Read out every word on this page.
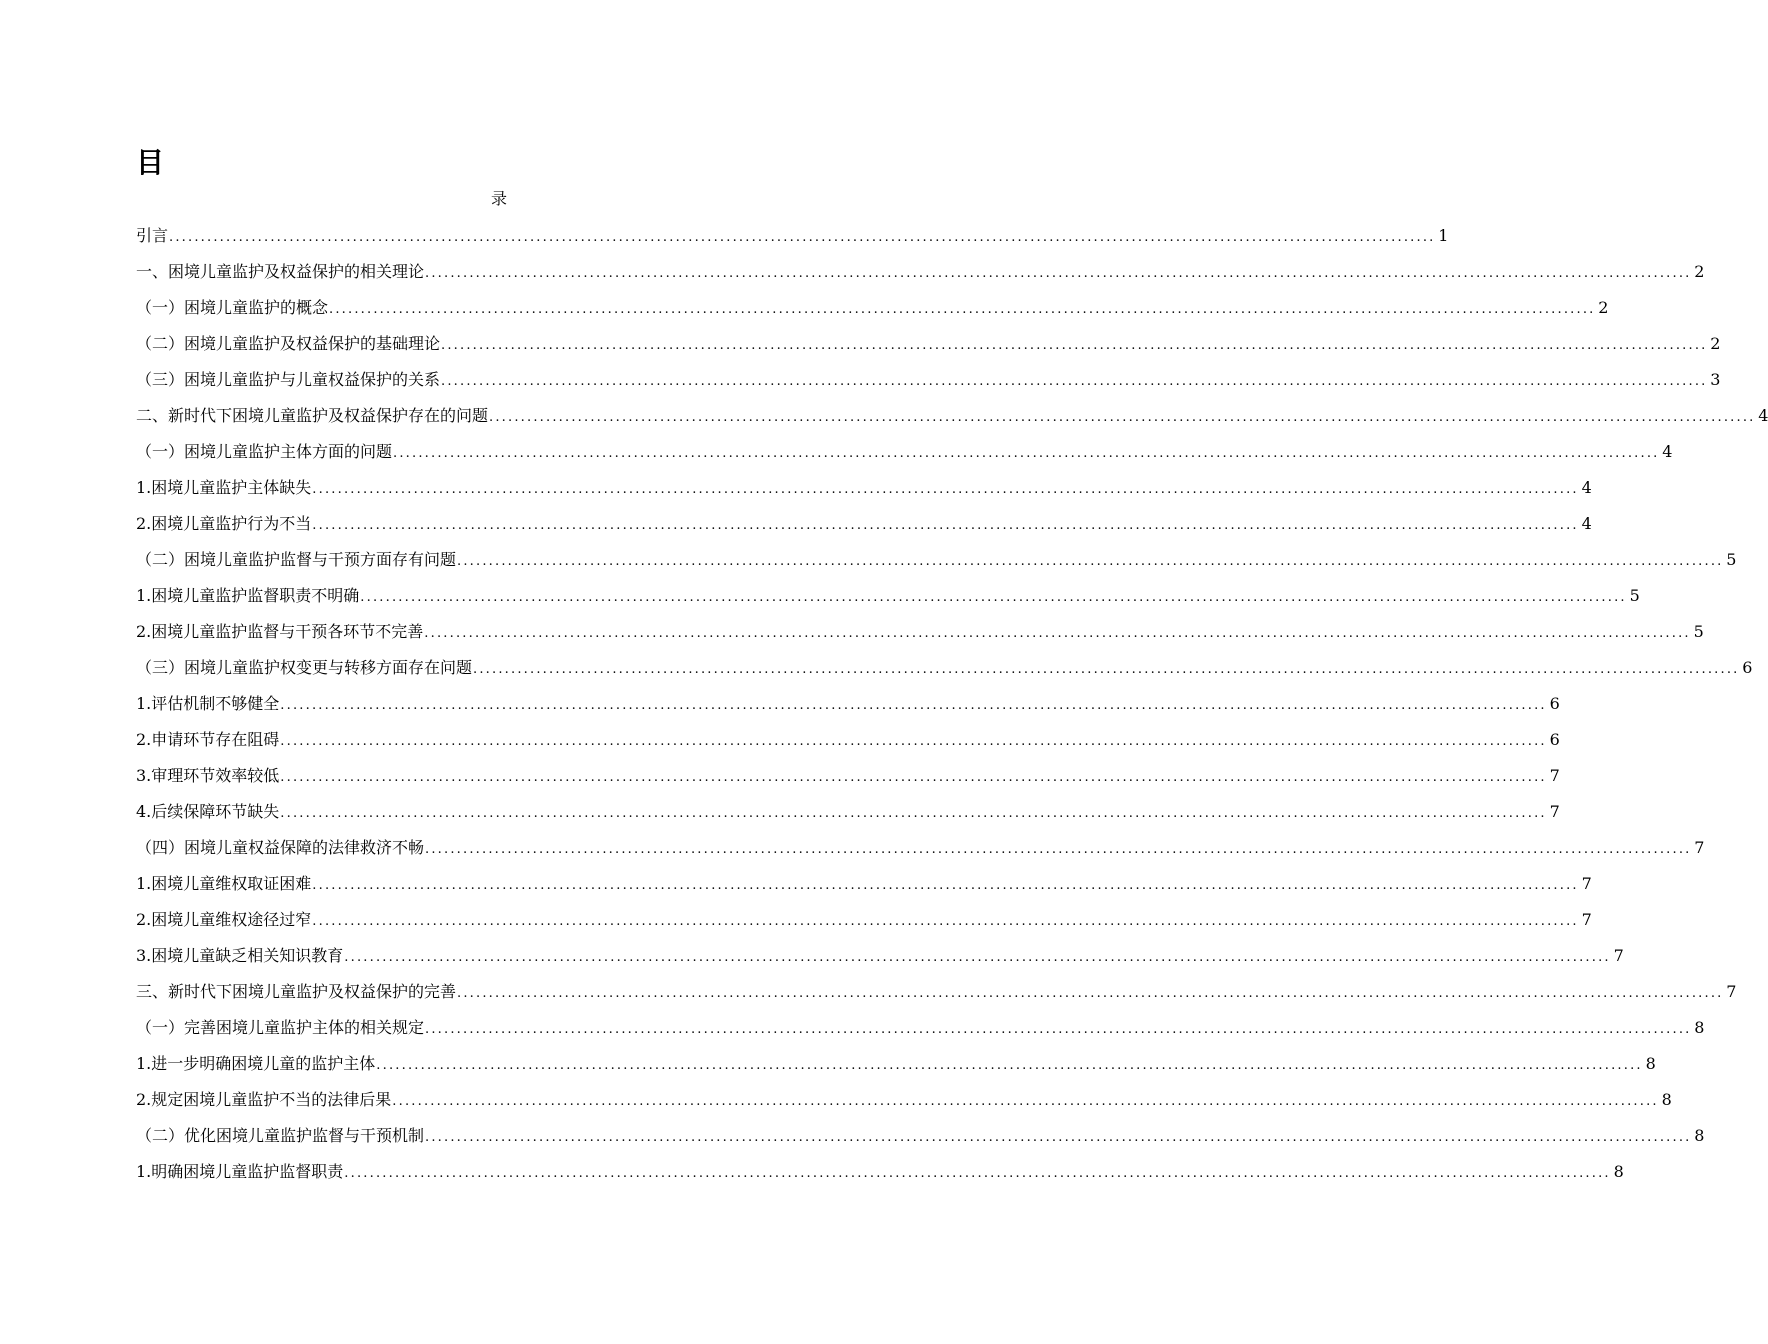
目
录
引言 ........................................................................................................................................................................................................ 1
一、困境儿童监护及权益保护的相关理论 ........................................................................................................................................................................................................ 2
（一）困境儿童监护的概念 ........................................................................................................................................................................................................ 2
（二）困境儿童监护及权益保护的基础理论 ........................................................................................................................................................................................................ 2
（三）困境儿童监护与儿童权益保护的关系 ........................................................................................................................................................................................................ 3
二、新时代下困境儿童监护及权益保护存在的问题 ........................................................................................................................................................................................................ 4
（一）困境儿童监护主体方面的问题 ........................................................................................................................................................................................................ 4
1.困境儿童监护主体缺失 ........................................................................................................................................................................................................ 4
2.困境儿童监护行为不当 ........................................................................................................................................................................................................ 4
（二）困境儿童监护监督与干预方面存有问题 ........................................................................................................................................................................................................ 5
1.困境儿童监护监督职责不明确 ........................................................................................................................................................................................................ 5
2.困境儿童监护监督与干预各环节不完善 ........................................................................................................................................................................................................ 5
（三）困境儿童监护权变更与转移方面存在问题 ........................................................................................................................................................................................................ 6
1.评估机制不够健全 ........................................................................................................................................................................................................ 6
2.申请环节存在阻碍 ........................................................................................................................................................................................................ 6
3.审理环节效率较低 ........................................................................................................................................................................................................ 7
4.后续保障环节缺失 ........................................................................................................................................................................................................ 7
（四）困境儿童权益保障的法律救济不畅 ........................................................................................................................................................................................................ 7
1.困境儿童维权取证困难 ........................................................................................................................................................................................................ 7
2.困境儿童维权途径过窄 ........................................................................................................................................................................................................ 7
3.困境儿童缺乏相关知识教育 ........................................................................................................................................................................................................ 7
三、新时代下困境儿童监护及权益保护的完善 ........................................................................................................................................................................................................ 7
（一）完善困境儿童监护主体的相关规定 ........................................................................................................................................................................................................ 8
1.进一步明确困境儿童的监护主体 ........................................................................................................................................................................................................ 8
2.规定困境儿童监护不当的法律后果 ........................................................................................................................................................................................................ 8
（二）优化困境儿童监护监督与干预机制 ........................................................................................................................................................................................................ 8
1.明确困境儿童监护监督职责 ........................................................................................................................................................................................................ 8
